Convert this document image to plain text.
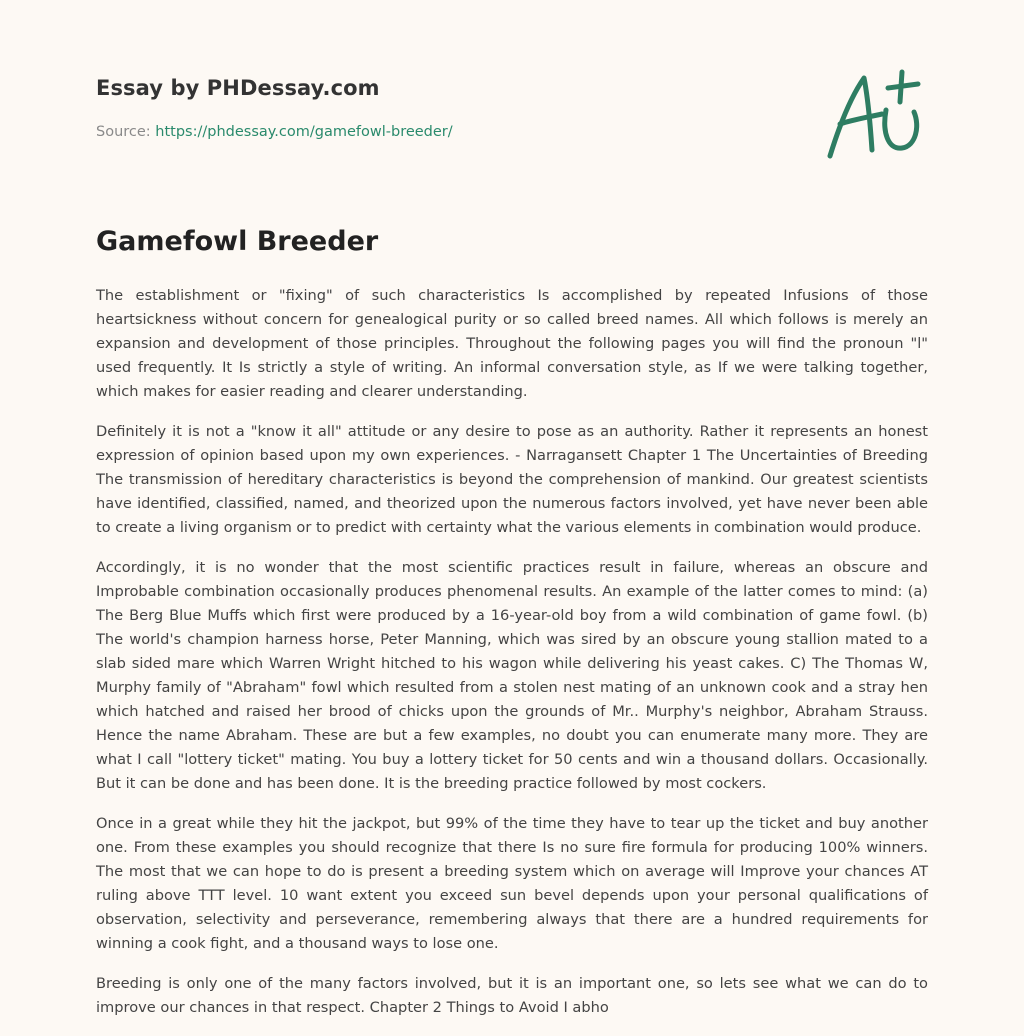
Essay by PHDessay.com
Source: https://phdessay.com/gamefowl-breeder/
Gamefowl Breeder

The establishment or "fixing" of such characteristics Is accomplished by repeated Infusions of those heartsickness without concern for genealogical purity or so called breed names. All which follows is merely an expansion and development of those principles. Throughout the following pages you will find the pronoun "l" used frequently. It Is strictly a style of writing. An informal conversation style, as If we were talking together, which makes for easier reading and clearer understanding.

Definitely it is not a "know it all" attitude or any desire to pose as an authority. Rather it represents an honest expression of opinion based upon my own experiences. - Narragansett Chapter 1 The Uncertainties of Breeding The transmission of hereditary characteristics is beyond the comprehension of mankind. Our greatest scientists have identified, classified, named, and theorized upon the numerous factors involved, yet have never been able to create a living organism or to predict with certainty what the various elements in combination would produce.

Accordingly, it is no wonder that the most scientific practices result in failure, whereas an obscure and Improbable combination occasionally produces phenomenal results. An example of the latter comes to mind: (a) The Berg Blue Muffs which first were produced by a 16-year-old boy from a wild combination of game fowl. (b) The world's champion harness horse, Peter Manning, which was sired by an obscure young stallion mated to a slab sided mare which Warren Wright hitched to his wagon while delivering his yeast cakes. C) The Thomas W, Murphy family of "Abraham" fowl which resulted from a stolen nest mating of an unknown cook and a stray hen which hatched and raised her brood of chicks upon the grounds of Mr.. Murphy's neighbor, Abraham Strauss. Hence the name Abraham. These are but a few examples, no doubt you can enumerate many more. They are what I call "lottery ticket" mating. You buy a lottery ticket for 50 cents and win a thousand dollars. Occasionally. But it can be done and has been done. It is the breeding practice followed by most cockers.

Once in a great while they hit the jackpot, but 99% of the time they have to tear up the ticket and buy another one. From these examples you should recognize that there Is no sure fire formula for producing 100% winners. The most that we can hope to do is present a breeding system which on average will Improve your chances AT ruling above TTT level. 10 want extent you exceed sun bevel depends upon your personal qualifications of observation, selectivity and perseverance, remembering always that there are a hundred requirements for winning a cook fight, and a thousand ways to lose one.

Breeding is only one of the many factors involved, but it is an important one, so lets see what we can do to improve our chances in that respect. Chapter 2 Things to Avoid I abho
